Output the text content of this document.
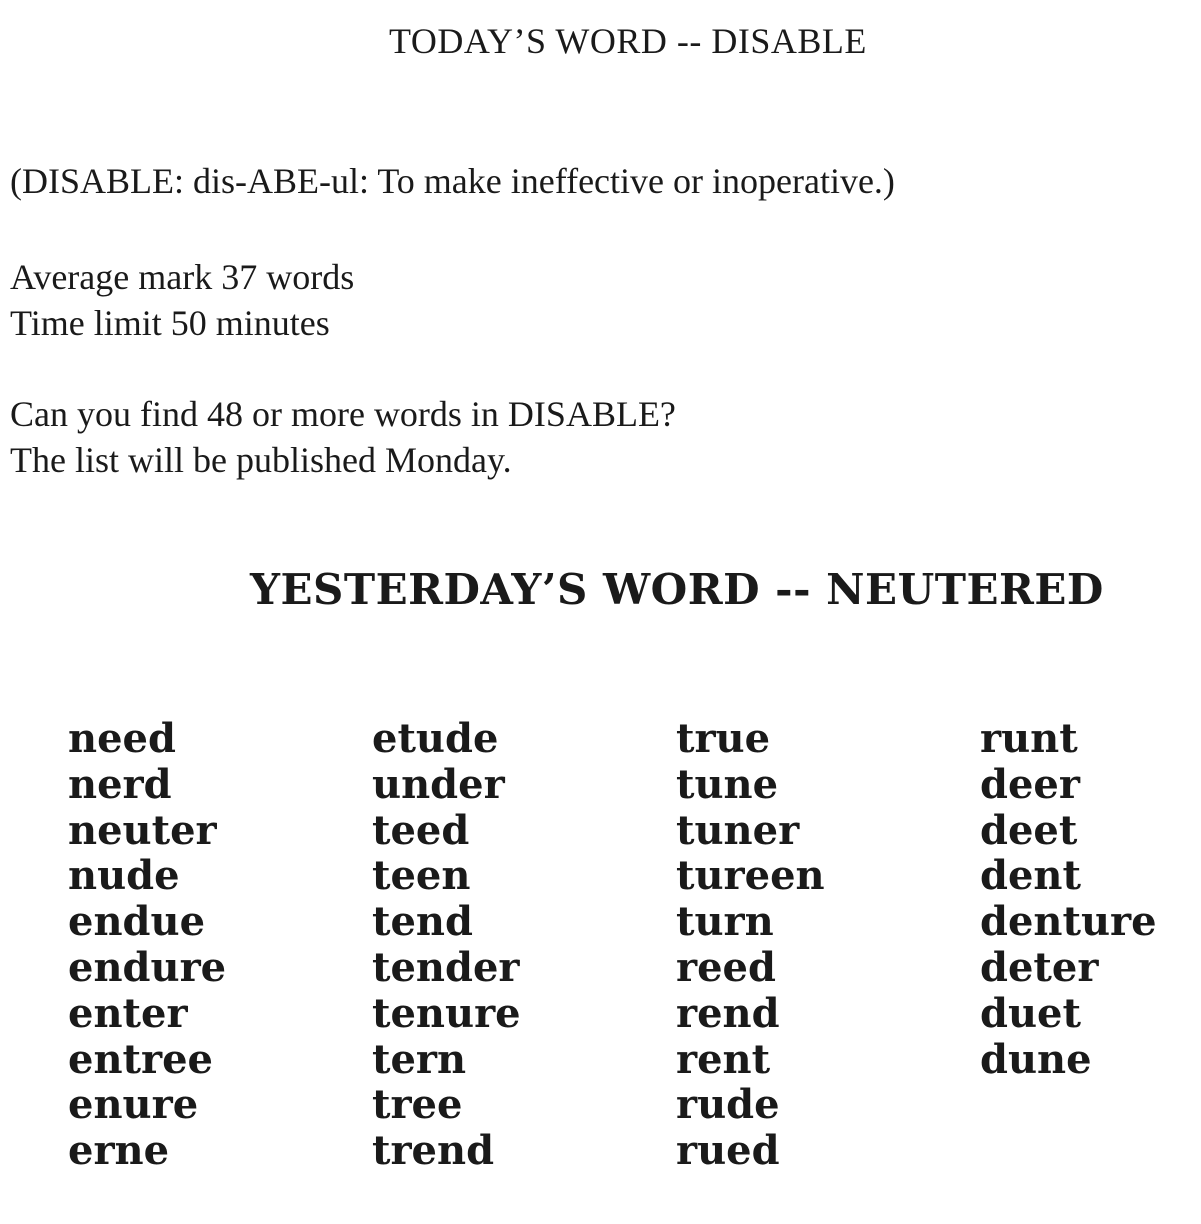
TODAY’S WORD -- DISABLE
(DISABLE: dis-ABE-ul: To make ineffective or inoperative.)
Average mark 37 words
Time limit 50 minutes
Can you find 48 or more words in DISABLE?
The list will be published Monday.
YESTERDAY’S WORD -- NEUTERED
need
nerd
neuter
nude
endue
endure
enter
entree
enure
erne
etude
under
teed
teen
tend
tender
tenure
tern
tree
trend
true
tune
tuner
tureen
turn
reed
rend
rent
rude
rued
runt
deer
deet
dent
denture
deter
duet
dune
